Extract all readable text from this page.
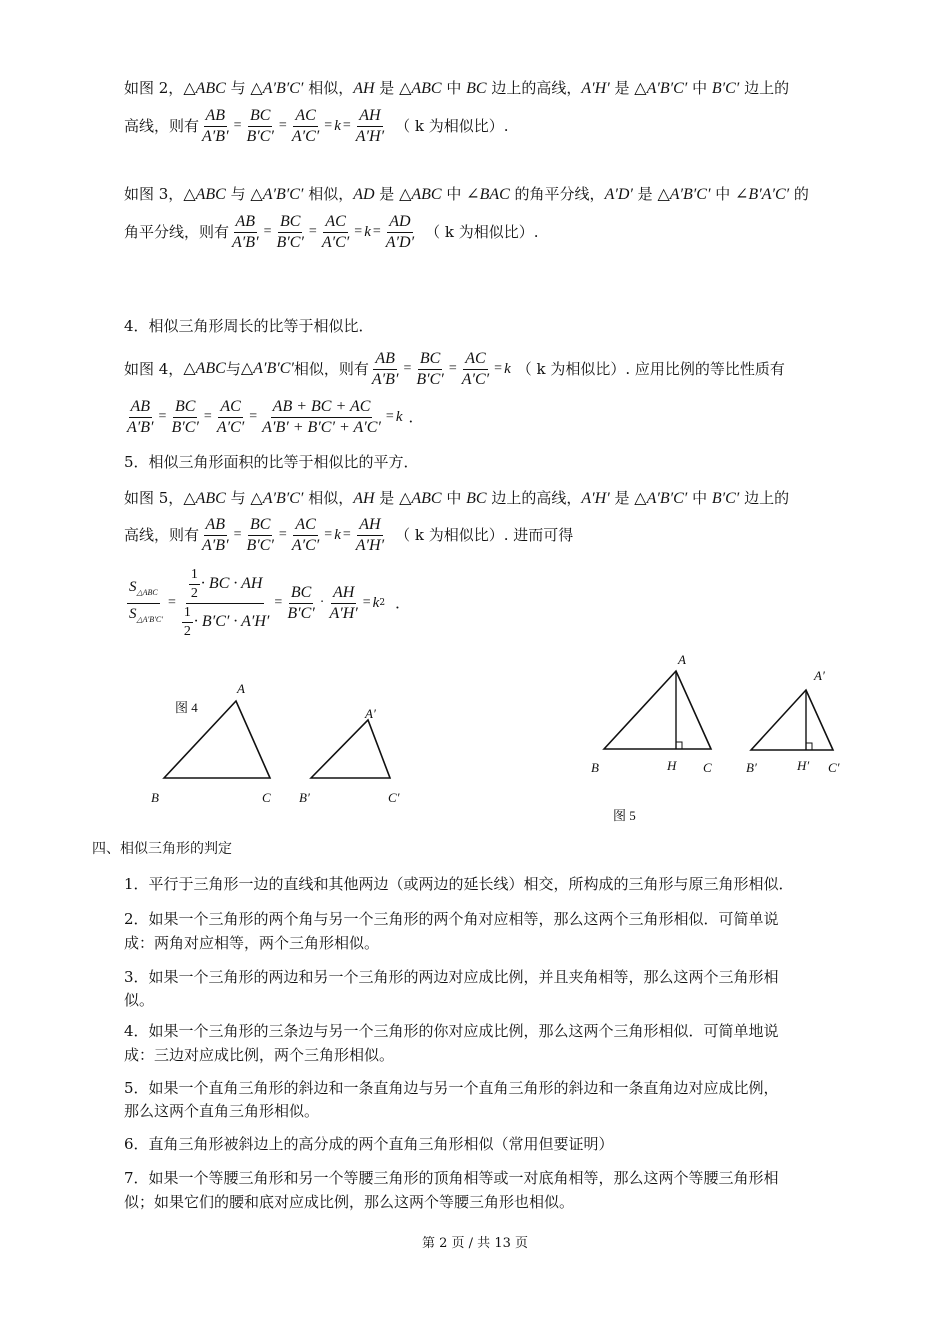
如图 2，△ABC 与 △A′B′C′ 相似，AH 是 △ABC 中 BC 边上的高线，A′H′ 是 △A′B′C′ 中 B′C′ 边上的
高线，则有 $\frac{AB}{A'B'} = \frac{BC}{B'C'} = \frac{AC}{A'C'} = k = \frac{AH}{A'H'}$ （ k 为相似比）.
如图 3，△ABC 与 △A′B′C′ 相似，AD 是 △ABC 中 ∠BAC 的角平分线，A′D′ 是 △A′B′C′ 中 ∠B′A′C′ 的
角平分线，则有 $\frac{AB}{A'B'} = \frac{BC}{B'C'} = \frac{AC}{A'C'} = k = \frac{AD}{A'D'}$ （ k 为相似比）.
4．相似三角形周长的比等于相似比．
如图 4， △ABC 与 △A′B′C′ 相似，则有 $\frac{AB}{A'B'} = \frac{BC}{B'C'} = \frac{AC}{A'C'} = k$ （ k 为相似比）. 应用比例的等比性质有
$\frac{AB}{A'B'} = \frac{BC}{B'C'} = \frac{AC}{A'C'} = \frac{AB + BC + AC}{A'B' + B'C' + A'C'} = k$ ．
5．相似三角形面积的比等于相似比的平方．
如图 5，△ABC 与 △A′B′C′ 相似，AH 是 △ABC 中 BC 边上的高线，A′H′ 是 △A′B′C′ 中 B′C′ 边上的
高线，则有 $\frac{AB}{A'B'} = \frac{BC}{B'C'} = \frac{AC}{A'C'} = k = \frac{AH}{A'H'}$ （ k 为相似比）. 进而可得
$\frac{S_{\triangle ABC}}{S_{\triangle A'B'C'}} = \frac{\frac{1}{2} \cdot BC \cdot AH}{\frac{1}{2} \cdot B'C' \cdot A'H'} = \frac{BC}{B'C'} \cdot \frac{AH}{A'H'} = k$ 2 ．
图 4
A
B	C
A′
B′	C′
A
B	H C
A′
B′	H′ C′
图 5
四、相似三角形的判定
1．平行于三角形一边的直线和其他两边（或两边的延长线）相交，所构成的三角形与原三角形相似．
2．如果一个三角形的两个角与另一个三角形的两个角对应相等，那么这两个三角形相似．可简单说
成：两角对应相等，两个三角形相似。
3．如果一个三角形的两边和另一个三角形的两边对应成比例，并且夹角相等，那么这两个三角形相
似。
4．如果一个三角形的三条边与另一个三角形的你对应成比例，那么这两个三角形相似．可简单地说
成：三边对应成比例，两个三角形相似。
5．如果一个直角三角形的斜边和一条直角边与另一个直角三角形的斜边和一条直角边对应成比例，
那么这两个直角三角形相似。
6．直角三角形被斜边上的高分成的两个直角三角形相似（常用但要证明）
7．如果一个等腰三角形和另一个等腰三角形的顶角相等或一对底角相等，那么这两个等腰三角形相
似；如果它们的腰和底对应成比例，那么这两个等腰三角形也相似。
第 2 页 / 共 13 页
